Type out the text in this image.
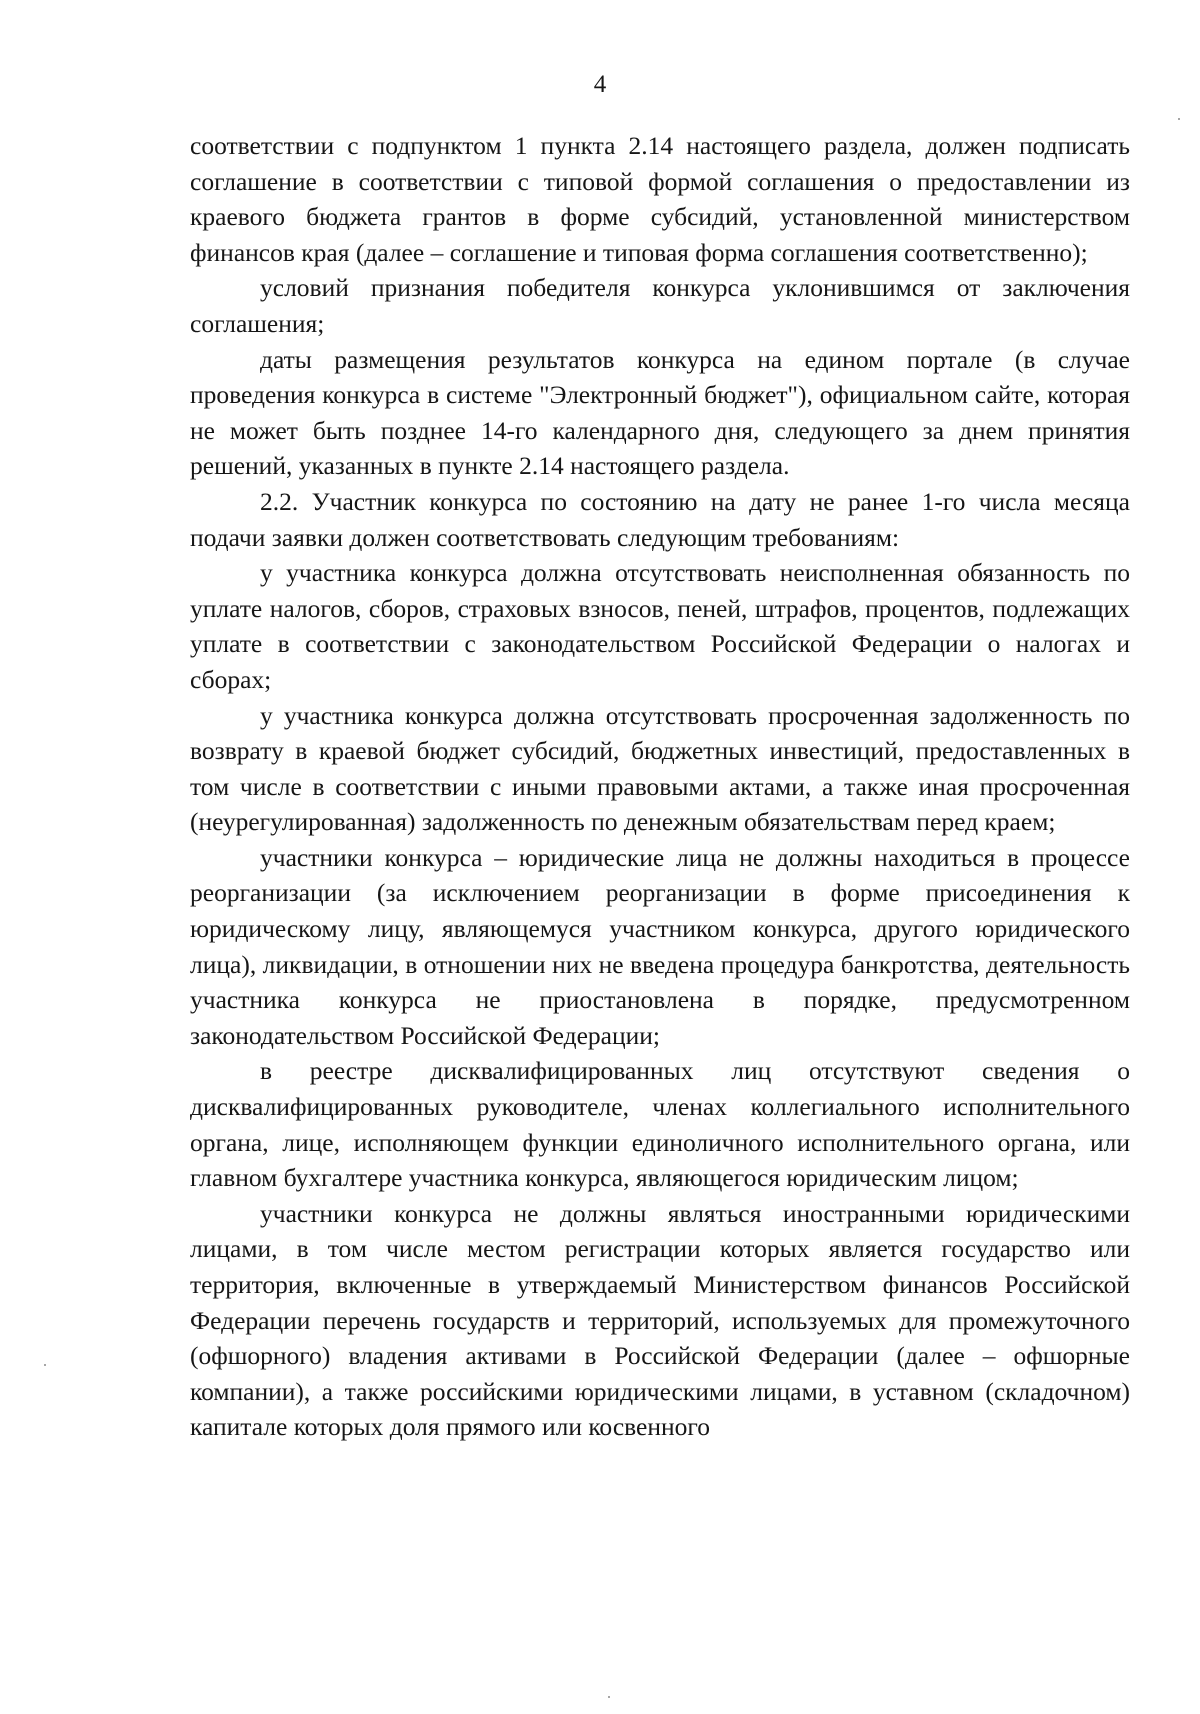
4

соответствии с подпунктом 1 пункта 2.14 настоящего раздела, должен подписать соглашение в соответствии с типовой формой соглашения о предоставлении из краевого бюджета грантов в форме субсидий, установленной министерством финансов края (далее – соглашение и типовая форма соглашения соответственно);

условий признания победителя конкурса уклонившимся от заключения соглашения;

даты размещения результатов конкурса на едином портале (в случае проведения конкурса в системе "Электронный бюджет"), официальном сайте, которая не может быть позднее 14-го календарного дня, следующего за днем принятия решений, указанных в пункте 2.14 настоящего раздела.

2.2. Участник конкурса по состоянию на дату не ранее 1-го числа месяца подачи заявки должен соответствовать следующим требованиям:

у участника конкурса должна отсутствовать неисполненная обязанность по уплате налогов, сборов, страховых взносов, пеней, штрафов, процентов, подлежащих уплате в соответствии с законодательством Российской Федерации о налогах и сборах;

у участника конкурса должна отсутствовать просроченная задолженность по возврату в краевой бюджет субсидий, бюджетных инвестиций, предоставленных в том числе в соответствии с иными правовыми актами, а также иная просроченная (неурегулированная) задолженность по денежным обязательствам перед краем;

участники конкурса – юридические лица не должны находиться в процессе реорганизации (за исключением реорганизации в форме присоединения к юридическому лицу, являющемуся участником конкурса, другого юридического лица), ликвидации, в отношении них не введена процедура банкротства, деятельность участника конкурса не приостановлена в порядке, предусмотренном законодательством Российской Федерации;

в реестре дисквалифицированных лиц отсутствуют сведения о дисквалифицированных руководителе, членах коллегиального исполнительного органа, лице, исполняющем функции единоличного исполнительного органа, или главном бухгалтере участника конкурса, являющегося юридическим лицом;

участники конкурса не должны являться иностранными юридическими лицами, в том числе местом регистрации которых является государство или территория, включенные в утверждаемый Министерством финансов Российской Федерации перечень государств и территорий, используемых для промежуточного (офшорного) владения активами в Российской Федерации (далее – офшорные компании), а также российскими юридическими лицами, в уставном (складочном) капитале которых доля прямого или косвенного
